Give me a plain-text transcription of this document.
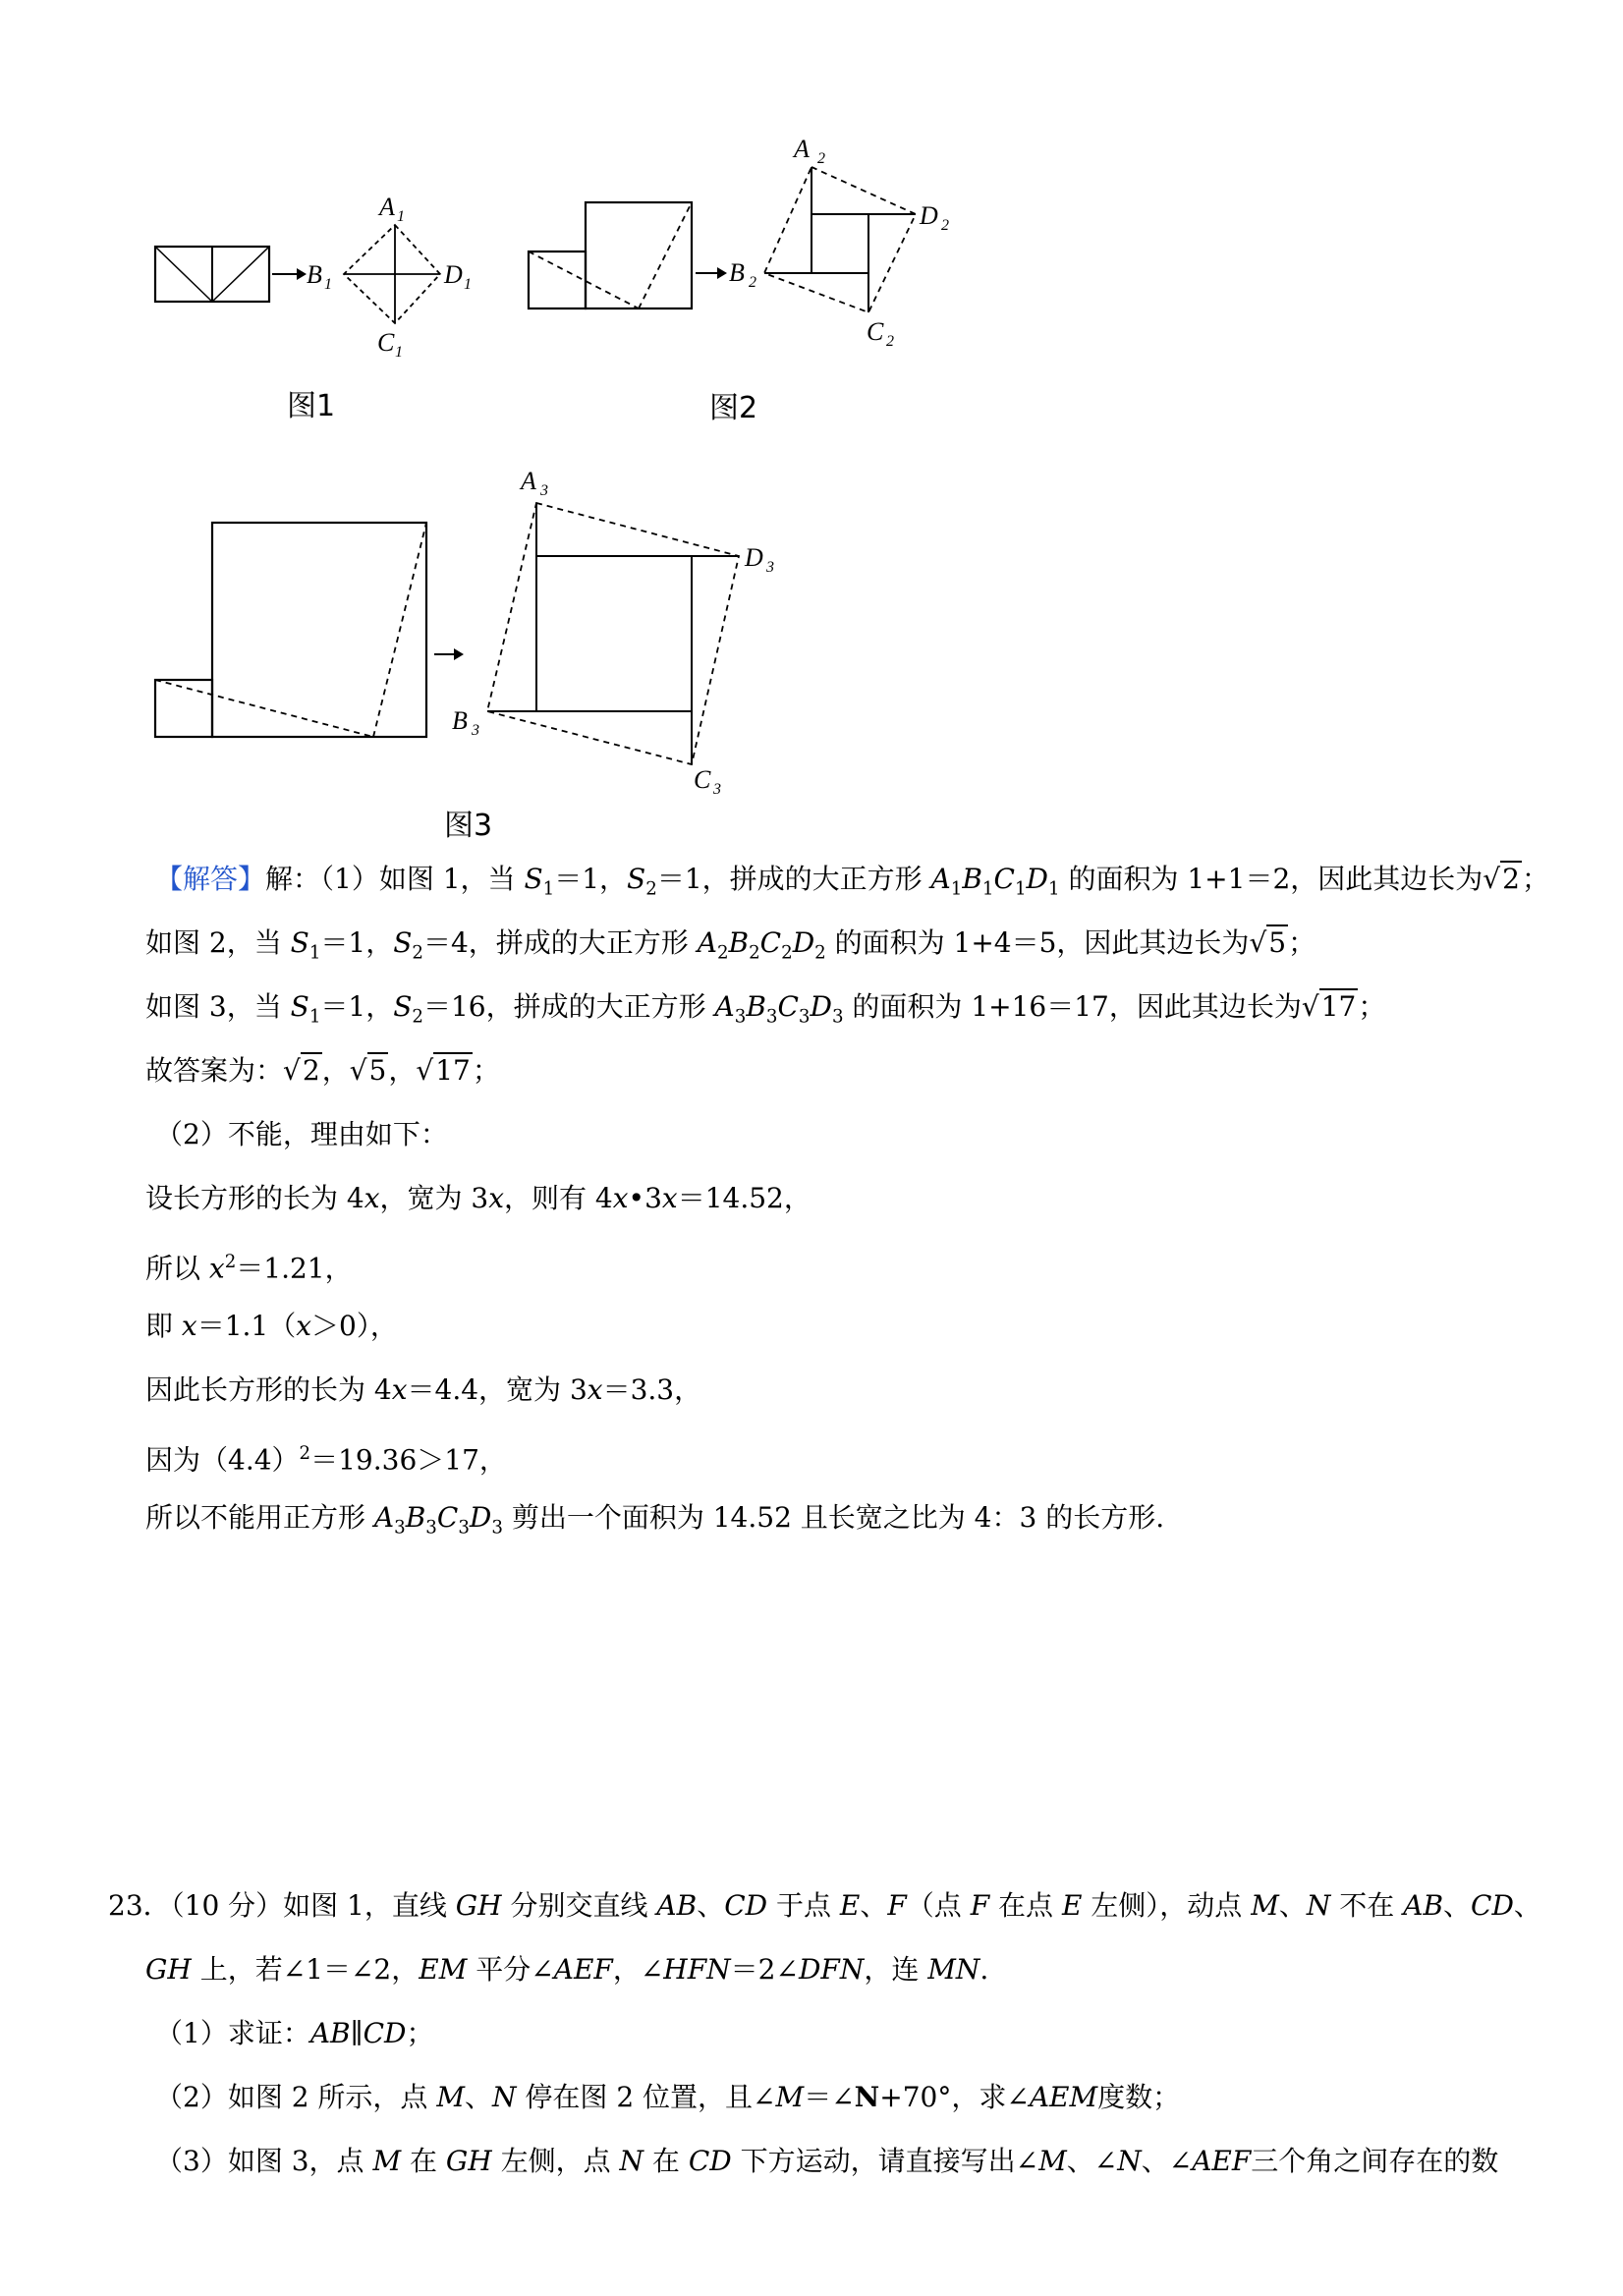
A 1
B 1	D 1
C 1
图1
A 2
B 2
D 2
C 2
图2
A 3
B 3
D 3
C 3
图3
【解答】解：（1）如图 1，当 $S_1=1$，$S_2=1$，拼成的大正方形 $A_1B_1C_1D_1$ 的面积为 1+1＝2，因此其边长为√2；
如图 2，当 $S_1=1$，$S_2=4$，拼成的大正方形 $A_2B_2C_2D_2$ 的面积为 1+4＝5，因此其边长为√5；
如图 3，当 $S_1=1$，$S_2=16$，拼成的大正方形 $A_3B_3C_3D_3$ 的面积为 1+16＝17，因此其边长为√17；
故答案为：√2，√5，√17；
（2）不能，理由如下：
设长方形的长为 4x，宽为 3x，则有 4x•3x＝14.52，
所以 $x^2=1.21$，
即 x＝1.1（x＞0），
因此长方形的长为 4x＝4.4，宽为 3x＝3.3，
因为$(4.4)^2=19.36>17$，
所以不能用正方形 $A_3B_3C_3D_3$ 剪出一个面积为 14.52 且长宽之比为 4：3 的长方形.
23．（10 分）如图 1，直线 GH 分别交直线 AB、CD 于点 E、F（点 F 在点 E 左侧），动点 M、N 不在 AB、CD、
GH 上，若∠1＝∠2，EM 平分∠AEF，∠HFN＝2∠DFN，连 MN.
（1）求证：AB∥CD；
（2）如图 2 所示，点 M、N 停在图 2 位置，且∠M＝∠N+70°，求∠AEM度数；
（3）如图 3，点 M 在 GH 左侧，点 N 在 CD 下方运动，请直接写出∠M、∠N、∠AEF三个角之间存在的数
